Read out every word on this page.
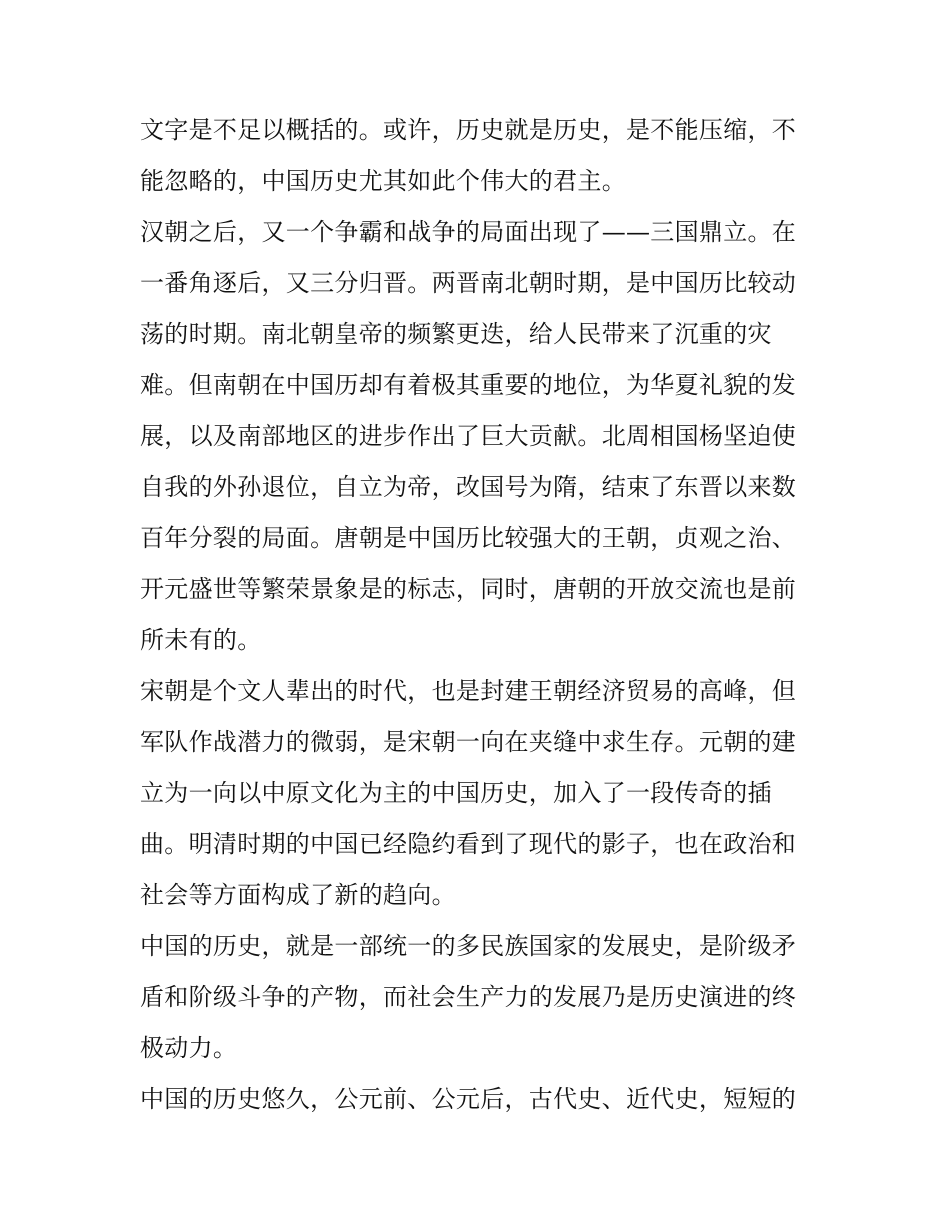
文字是不足以概括的。或许，历史就是历史，是不能压缩，不
能忽略的，中国历史尤其如此个伟大的君主。
汉朝之后，又一个争霸和战争的局面出现了——三国鼎立。在
一番角逐后，又三分归晋。两晋南北朝时期，是中国历比较动
荡的时期。南北朝皇帝的频繁更迭，给人民带来了沉重的灾
难。但南朝在中国历却有着极其重要的地位，为华夏礼貌的发
展，以及南部地区的进步作出了巨大贡献。北周相国杨坚迫使
自我的外孙退位，自立为帝，改国号为隋，结束了东晋以来数
百年分裂的局面。唐朝是中国历比较强大的王朝，贞观之治、
开元盛世等繁荣景象是的标志，同时，唐朝的开放交流也是前
所未有的。
宋朝是个文人辈出的时代，也是封建王朝经济贸易的高峰，但
军队作战潜力的微弱，是宋朝一向在夹缝中求生存。元朝的建
立为一向以中原文化为主的中国历史，加入了一段传奇的插
曲。明清时期的中国已经隐约看到了现代的影子，也在政治和
社会等方面构成了新的趋向。
中国的历史，就是一部统一的多民族国家的发展史，是阶级矛
盾和阶级斗争的产物，而社会生产力的发展乃是历史演进的终
极动力。
中国的历史悠久，公元前、公元后，古代史、近代史，短短的
